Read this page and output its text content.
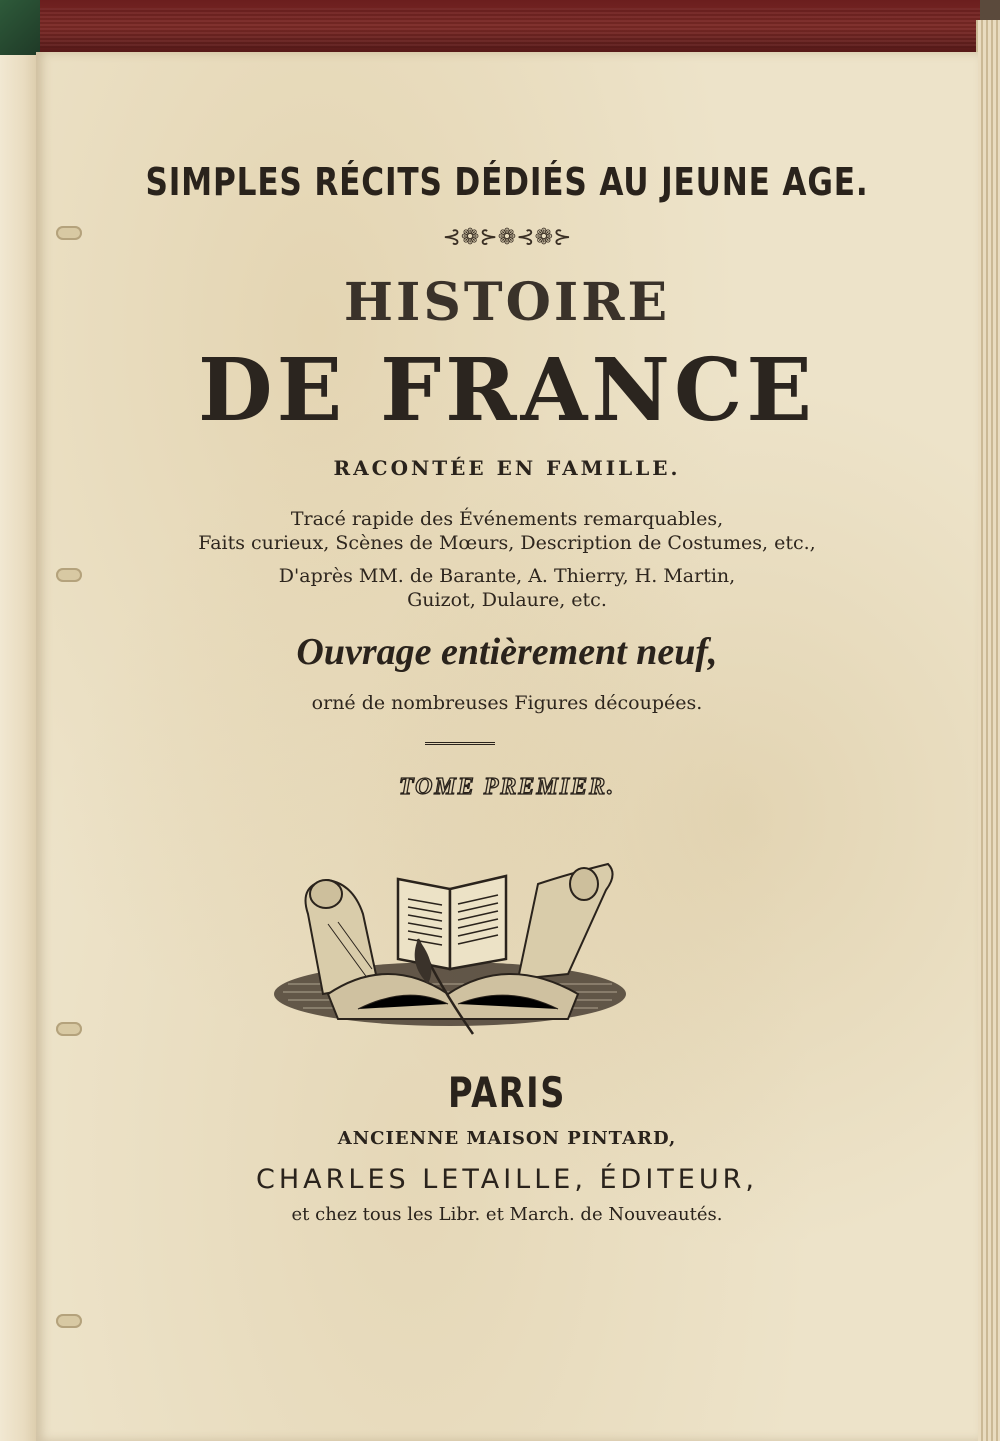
SIMPLES RÉCITS DÉDIÉS AU JEUNE AGE.
⊰❁⊱❁⊰❁⊱
HISTOIRE
DE FRANCE
RACONTÉE EN FAMILLE.
Tracé rapide des Événements remarquables,
Faits curieux, Scènes de Mœurs, Description de Costumes, etc.,
D'après MM. de Barante, A. Thierry, H. Martin,
Guizot, Dulaure, etc.
Ouvrage entièrement neuf,
orné de nombreuses Figures découpées.
TOME PREMIER.
PARIS
ANCIENNE MAISON PINTARD,
CHARLES LETAILLE, ÉDITEUR,
et chez tous les Libr. et March. de Nouveautés.
